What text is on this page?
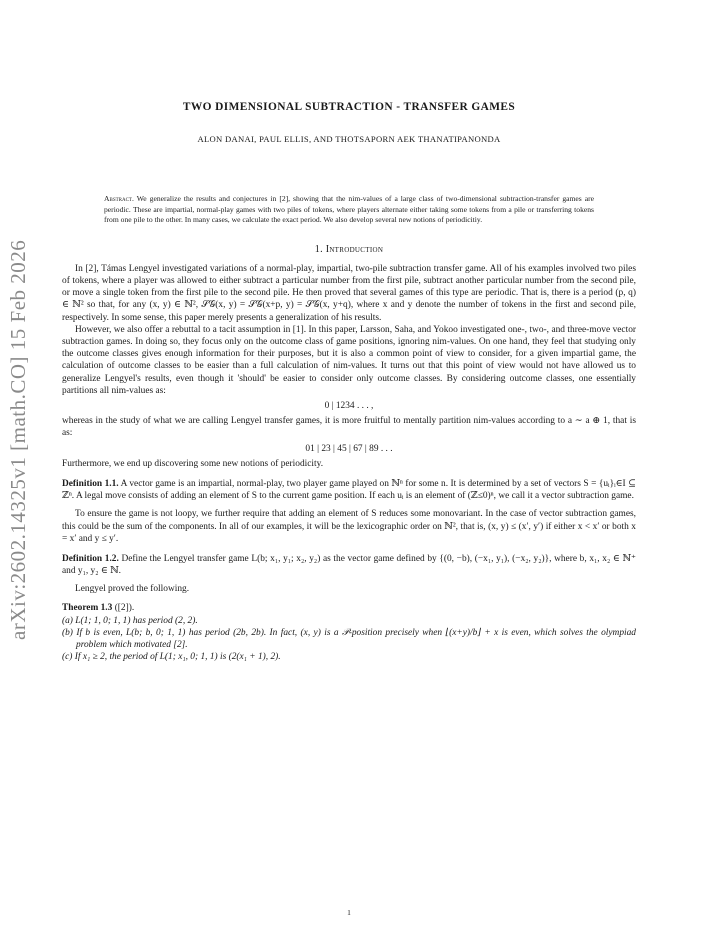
arXiv:2602.14325v1 [math.CO] 15 Feb 2026
TWO DIMENSIONAL SUBTRACTION - TRANSFER GAMES
ALON DANAI, PAUL ELLIS, AND THOTSAPORN AEK THANATIPANONDA
Abstract. We generalize the results and conjectures in [2], showing that the nim-values of a large class of two-dimensional subtraction-transfer games are periodic. These are impartial, normal-play games with two piles of tokens, where players alternate either taking some tokens from a pile or transferring tokens from one pile to the other. In many cases, we calculate the exact period. We also develop several new notions of periodicitiy.
1. Introduction

In [2], Támas Lengyel investigated variations of a normal-play, impartial, two-pile subtraction transfer game. All of his examples involved two piles of tokens, where a player was allowed to either subtract a particular number from the first pile, subtract another particular number from the second pile, or move a single token from the first pile to the second pile. He then proved that several games of this type are periodic. That is, there is a period (p, q) ∈ ℕ² so that, for any (x, y) ∈ ℕ², 𝒮𝒢(x, y) = 𝒮𝒢(x+p, y) = 𝒮𝒢(x, y+q), where x and y denote the number of tokens in the first and second pile, respectively. In some sense, this paper merely presents a generalization of his results.

However, we also offer a rebuttal to a tacit assumption in [1]. In this paper, Larsson, Saha, and Yokoo investigated one-, two-, and three-move vector subtraction games. In doing so, they focus only on the outcome class of game positions, ignoring nim-values. On one hand, they feel that studying only the outcome classes gives enough information for their purposes, but it is also a common point of view to consider, for a given impartial game, the calculation of outcome classes to be easier than a full calculation of nim-values. It turns out that this point of view would not have allowed us to generalize Lengyel's results, even though it 'should' be easier to consider only outcome classes. By considering outcome classes, one essentially partitions all nim-values as:

0 | 1234 . . . ,

whereas in the study of what we are calling Lengyel transfer games, it is more fruitful to mentally partition nim-values according to a ∼ a ⊕ 1, that is as:

01 | 23 | 45 | 67 | 89 . . .

Furthermore, we end up discovering some new notions of periodicity.

Definition 1.1. A vector game is an impartial, normal-play, two player game played on ℕⁿ for some n. It is determined by a set of vectors S = {uᵢ}ᵢ∈I ⊆ ℤⁿ. A legal move consists of adding an element of S to the current game position. If each uᵢ is an element of (ℤ≤0)ⁿ, we call it a vector subtraction game.

To ensure the game is not loopy, we further require that adding an element of S reduces some monovariant. In the case of vector subtraction games, this could be the sum of the components. In all of our examples, it will be the lexicographic order on ℕ², that is, (x, y) ≤ (x′, y′) if either x < x′ or both x = x′ and y ≤ y′.

Definition 1.2. Define the Lengyel transfer game L(b; x₁, y₁; x₂, y₂) as the vector game defined by {(0, −b), (−x₁, y₁), (−x₂, y₂)}, where b, x₁, x₂ ∈ ℕ⁺ and y₁, y₂ ∈ ℕ.

Lengyel proved the following.

Theorem 1.3 ([2]).

(a) L(1; 1, 0; 1, 1) has period (2, 2).
(b) If b is even, L(b; b, 0; 1, 1) has period (2b, 2b). In fact, (x, y) is a 𝒫-position precisely when ⌊(x+y)/b⌋ + x is even, which solves the olympiad problem which motivated [2].
(c) If x₁ ≥ 2, the period of L(1; x₁, 0; 1, 1) is (2(x₁ + 1), 2).
1
